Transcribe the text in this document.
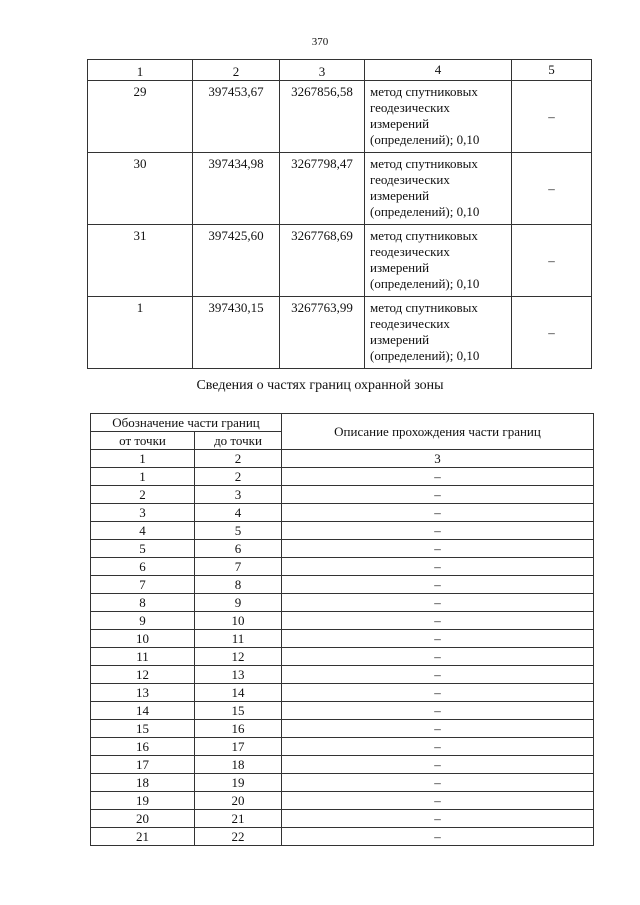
370
1	2	3	4	5
29	397453,67	3267856,58	метод спутниковых
геодезических
измерений
(определений); 0,10	–
30	397434,98	3267798,47	метод спутниковых
геодезических
измерений
(определений); 0,10	–
31	397425,60	3267768,69	метод спутниковых
геодезических
измерений
(определений); 0,10	–
1	397430,15	3267763,99	метод спутниковых
геодезических
измерений
(определений); 0,10	–
Сведения о частях границ охранной зоны
Обозначение части границ		Описание прохождения части границ
от точки	до точки	
1	2	3
1	2	–
2	3	–
3	4	–
4	5	–
5	6	–
6	7	–
7	8	–
8	9	–
9	10	–
10	11	–
11	12	–
12	13	–
13	14	–
14	15	–
15	16	–
16	17	–
17	18	–
18	19	–
19	20	–
20	21	–
21	22	–
